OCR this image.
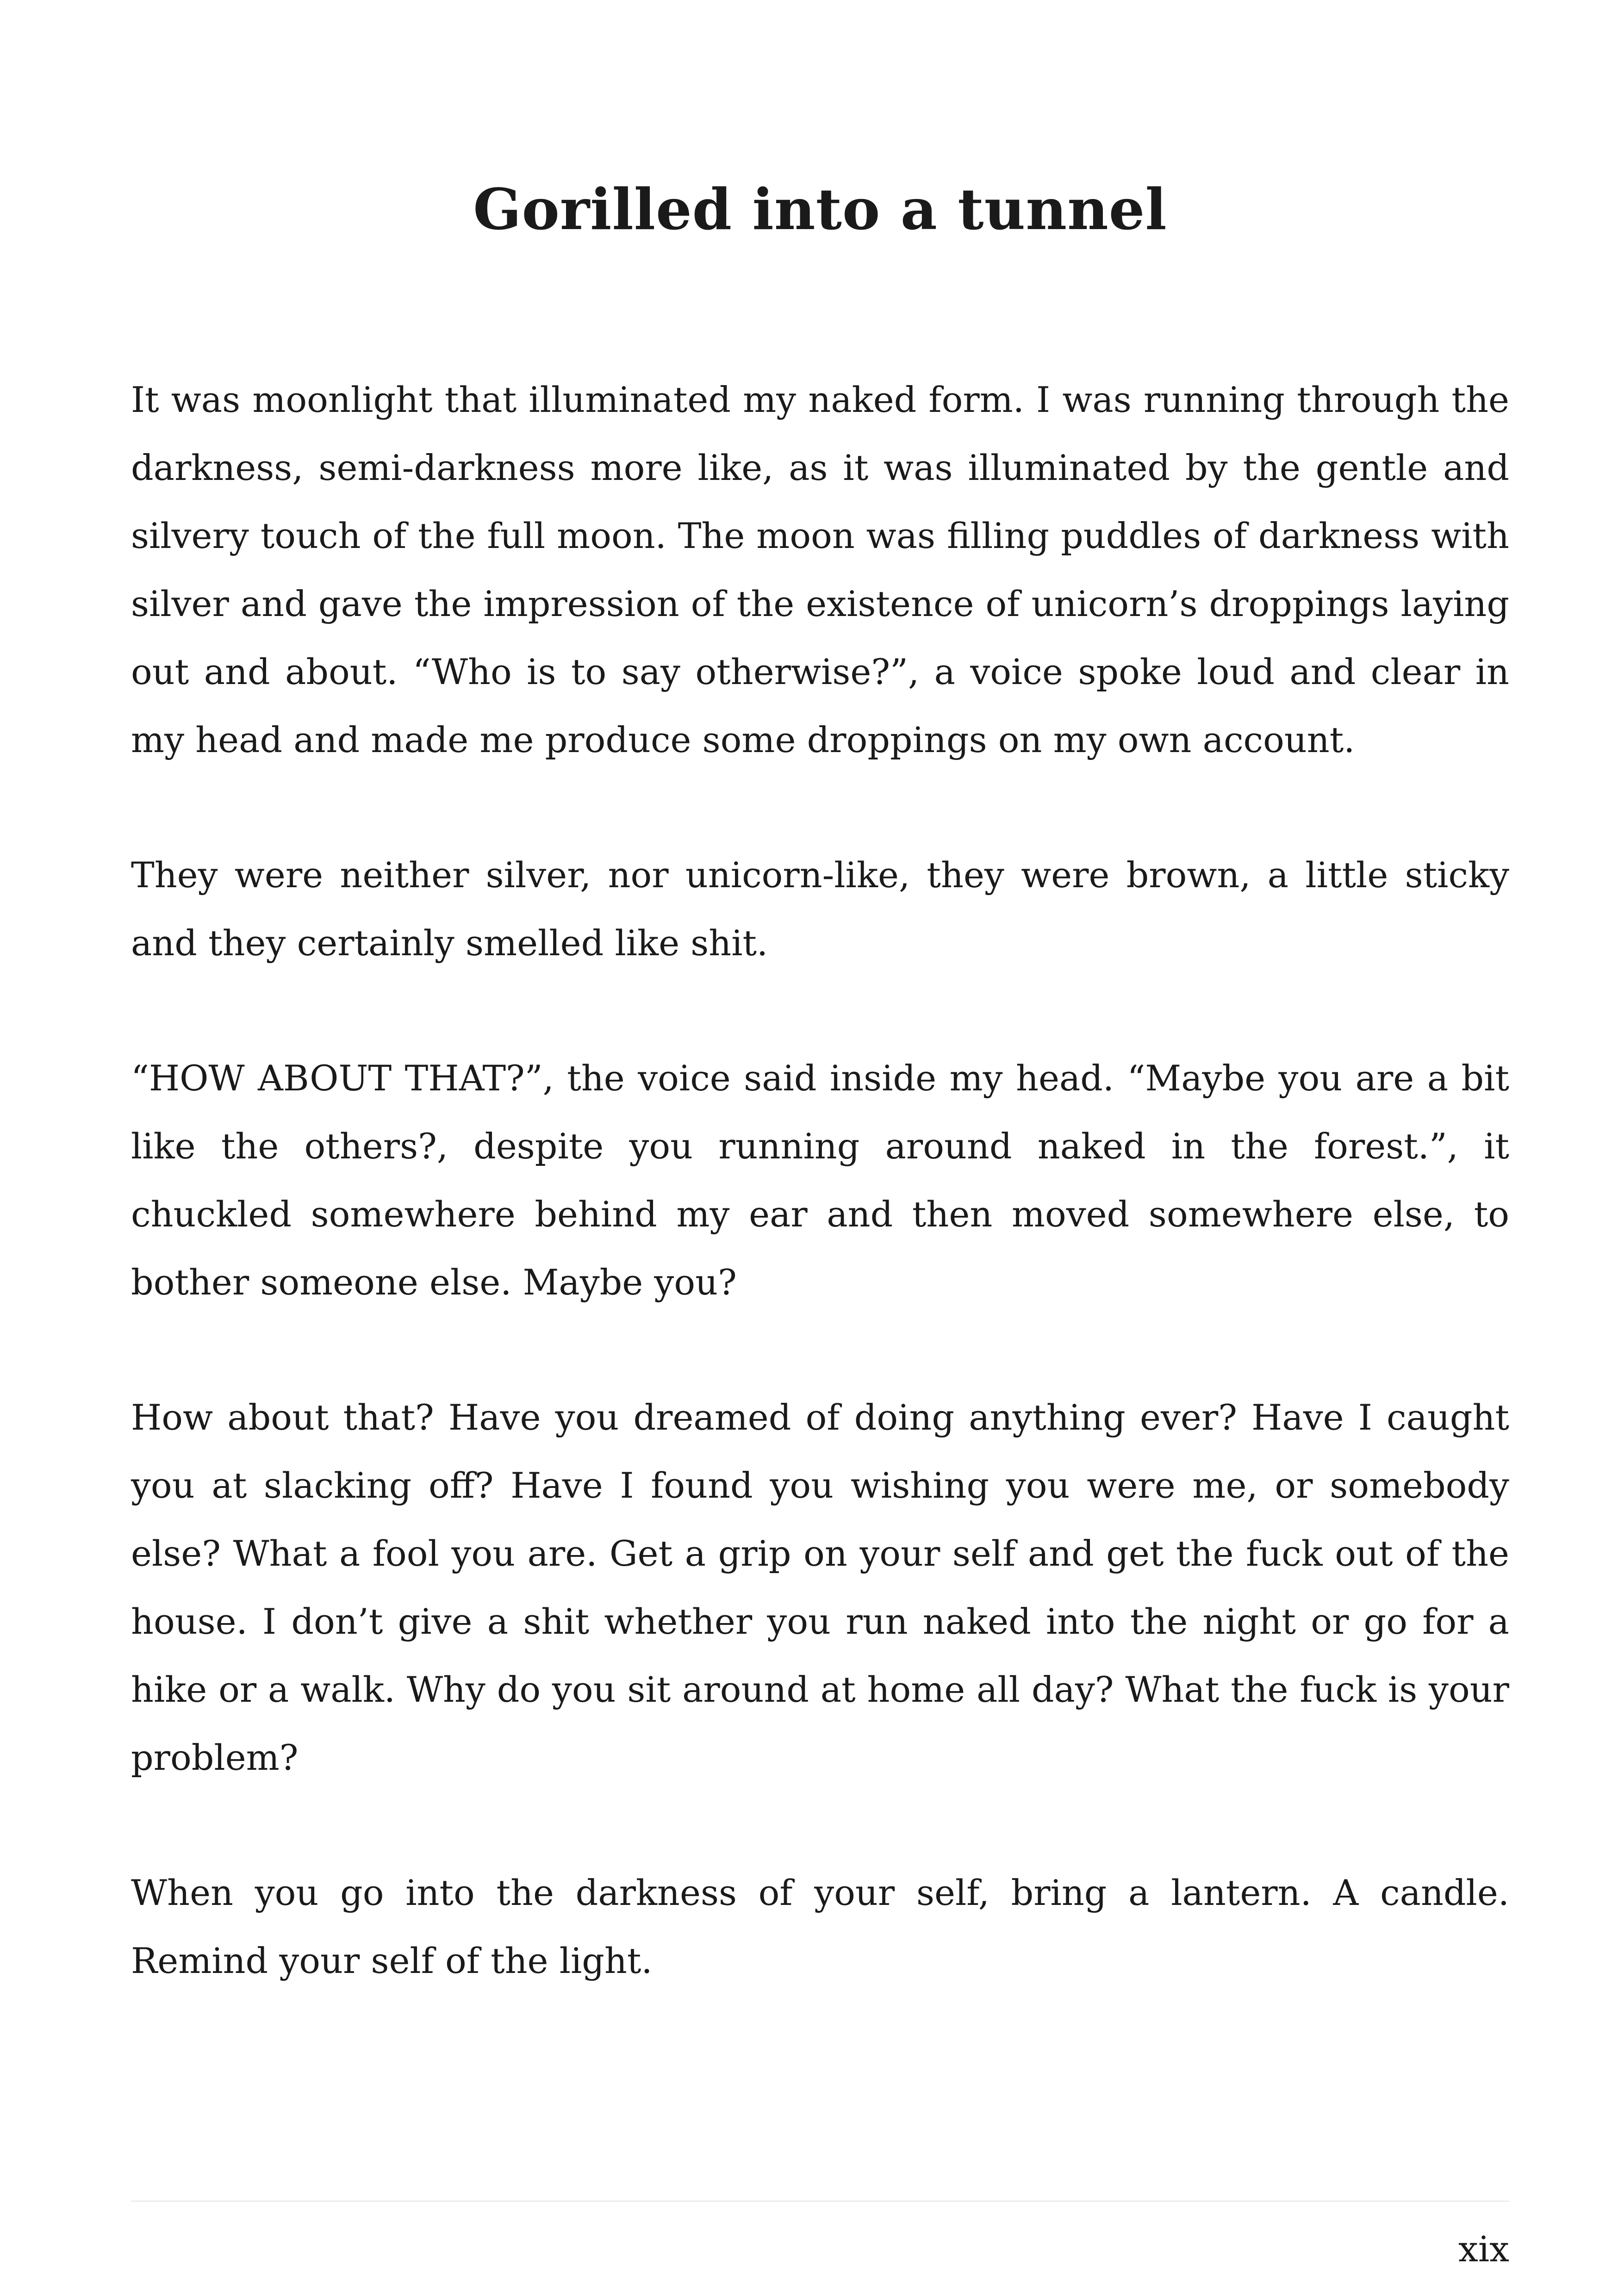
Gorilled into a tunnel

It was moonlight that illuminated my naked form. I was running through the darkness, semi-darkness more like, as it was illuminated by the gentle and silvery touch of the full moon. The moon was filling puddles of darkness with silver and gave the impression of the existence of unicorn’s droppings laying out and about. “Who is to say otherwise?”, a voice spoke loud and clear in my head and made me produce some droppings on my own account.

They were neither silver, nor unicorn-like, they were brown, a little sticky and they certainly smelled like shit.

“HOW ABOUT THAT?”, the voice said inside my head. “Maybe you are a bit like the others?, despite you running around naked in the forest.”, it chuckled somewhere behind my ear and then moved somewhere else, to bother someone else. Maybe you?

How about that? Have you dreamed of doing anything ever? Have I caught you at slacking off? Have I found you wishing you were me, or somebody else? What a fool you are. Get a grip on your self and get the fuck out of the house. I don’t give a shit whether you run naked into the night or go for a hike or a walk. Why do you sit around at home all day? What the fuck is your problem?

When you go into the darkness of your self, bring a lantern. A candle. Remind your self of the light.

xix
